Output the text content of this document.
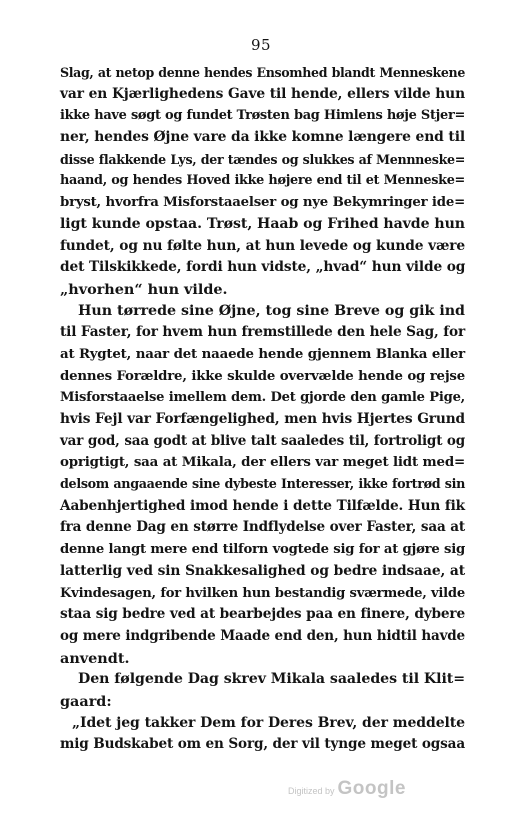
95
Slag, at netop denne hendes Ensomhed blandt Menneskene
var en Kjærlighedens Gave til hende, ellers vilde hun
ikke have søgt og fundet Trøsten bag Himlens høje Stjer=
ner, hendes Øjne vare da ikke komne længere end til
disse flakkende Lys, der tændes og slukkes af Mennneske=
haand, og hendes Hoved ikke højere end til et Menneske=
bryst, hvorfra Misforstaaelser og nye Bekymringer ide=
ligt kunde opstaa. Trøst, Haab og Frihed havde hun
fundet, og nu følte hun, at hun levede og kunde være
det Tilskikkede, fordi hun vidste, „hvad“ hun vilde og
„hvorhen“ hun vilde.
Hun tørrede sine Øjne, tog sine Breve og gik ind
til Faster, for hvem hun fremstillede den hele Sag, for
at Rygtet, naar det naaede hende gjennem Blanka eller
dennes Forældre, ikke skulde overvælde hende og rejse
Misforstaaelse imellem dem. Det gjorde den gamle Pige,
hvis Fejl var Forfængelighed, men hvis Hjertes Grund
var god, saa godt at blive talt saaledes til, fortroligt og
oprigtigt, saa at Mikala, der ellers var meget lidt med=
delsom angaaende sine dybeste Interesser, ikke fortrød sin
Aabenhjertighed imod hende i dette Tilfælde. Hun fik
fra denne Dag en større Indflydelse over Faster, saa at
denne langt mere end tilforn vogtede sig for at gjøre sig
latterlig ved sin Snakkesalighed og bedre indsaae, at
Kvindesagen, for hvilken hun bestandig sværmede, vilde
staa sig bedre ved at bearbejdes paa en finere, dybere
og mere indgribende Maade end den, hun hidtil havde
anvendt.
Den følgende Dag skrev Mikala saaledes til Klit=
gaard:
„Idet jeg takker Dem for Deres Brev, der meddelte
mig Budskabet om en Sorg, der vil tynge meget ogsaa
Digitized by Google
